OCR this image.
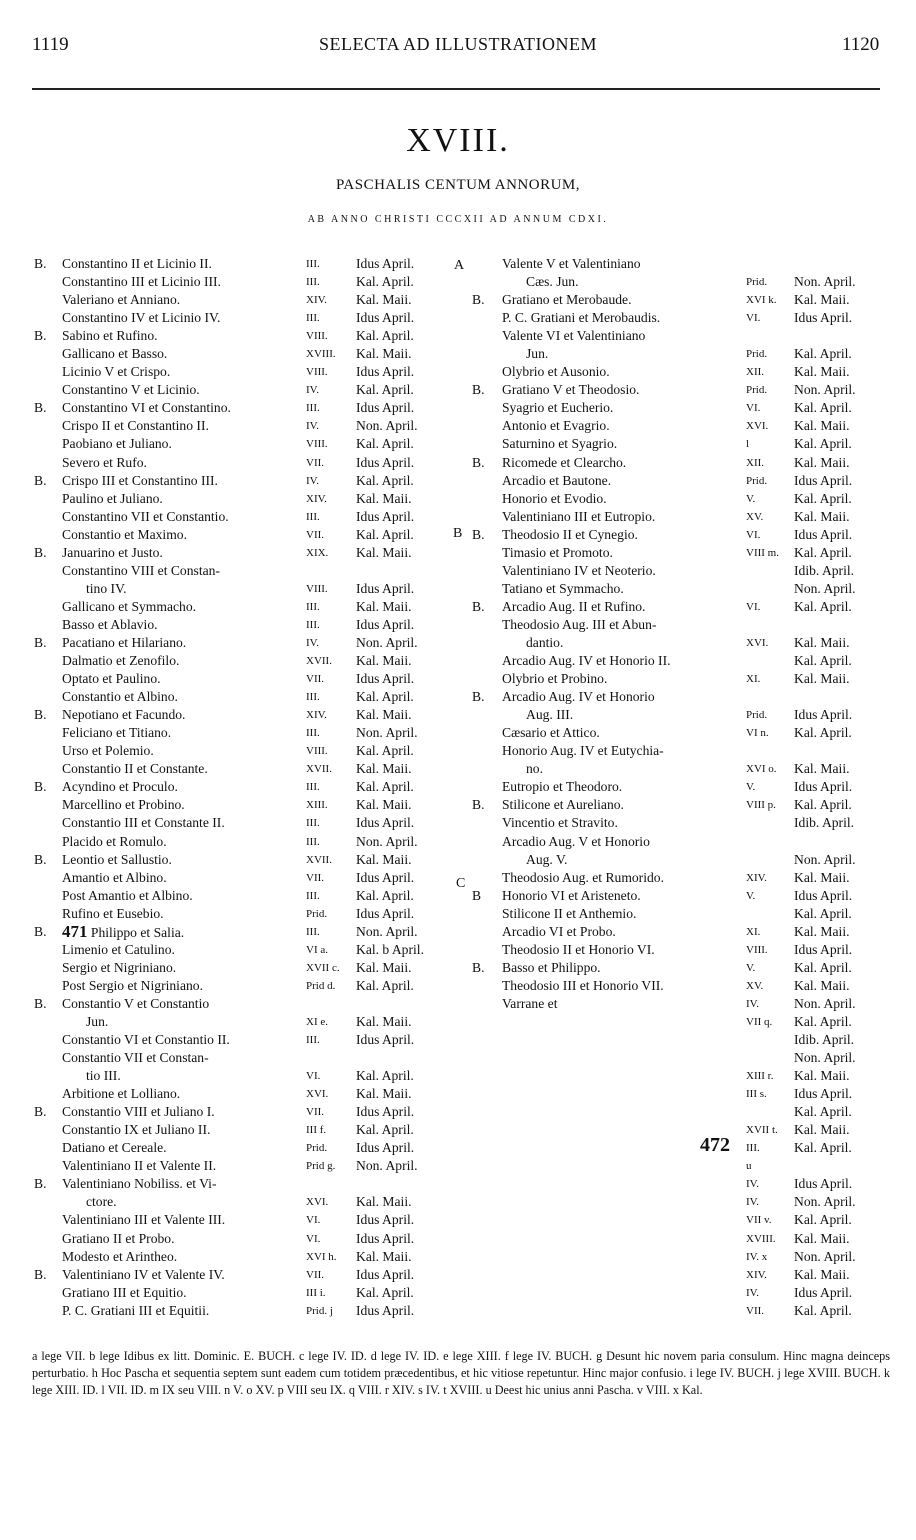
1119	SELECTA AD ILLUSTRATIONEM	1120
XVIII.
PASCHALIS CENTUM ANNORUM,
AB ANNO CHRISTI CCCXII AD ANNUM CDXI.
B. Constantino II et Licinio II.	III.	Idus April.
Constantino III et Licinio III.	III.	Kal. April.
Valeriano et Anniano.	XIV. Kal. Maii.
Constantino IV et Licinio IV.	III.	Idus April.
B. Sabino et Rufino.	VIII. Kal. April.
Gallicano et Basso.	XVIII. Kal. Maii.
Licinio V et Crispo.	VIII. Idus April.
Constantino V et Licinio.	IV.	Kal. April.
B. Constantino VI et Constantino.	III.	Idus April.
Crispo II et Constantino II.	IV.	Non. April.
Paobiano et Juliano.	VIII. Kal. April.
Severo et Rufo.	VII. Idus April.
B. Crispo III et Constantino III.	IV.	Kal. April.
Paulino et Juliano.	XIV. Kal. Maii.
Constantino VII et Constantio.	III.	Idus April.
Constantio et Maximo.	VII. Kal. April.
B. Januarino et Justo.	XIX. Kal. Maii.
Constantino VIII et Constan-
tino IV.	VIII. Idus April.
Gallicano et Symmacho.	III.	Kal. Maii.
Basso et Ablavio.	III.	Idus April.
B. Pacatiano et Hilariano.	IV.	Non. April.
Dalmatio et Zenofilo.	XVII. Kal. Maii.
Optato et Paulino.	VII. Idus April.
Constantio et Albino.	III.	Kal. April.
B. Nepotiano et Facundo.	XIV. Kal. Maii.
Feliciano et Titiano.	III.	Non. April.
Urso et Polemio.	VIII. Kal. April.
Constantio II et Constante.	XVII. Kal. Maii.
B. Acyndino et Proculo.	III.	Kal. April.
Marcellino et Probino.	XIII. Kal. Maii.
Constantio III et Constante II.	III.	Idus April.
Placido et Romulo.	III.	Non. April.
B. Leontio et Sallustio.	XVII. Kal. Maii.
Amantio et Albino.	VII. Idus April.
Post Amantio et Albino.	III.	Kal. April.
Rufino et Eusebio.	Prid. Idus April.
B. 471 Philippo et Salia.	III.	Non. April.
Limenio et Catulino.	VI a. Kal. b April.
Sergio et Nigriniano.	XVII c. Kal. Maii.
Post Sergio et Nigriniano.	Prid d. Kal. April.
B. Constantio V et Constantio
Jun.	XI e. Kal. Maii.
Constantio VI et Constantio II.	III.	Idus April.
Constantio VII et Constan-
tio III.	VI.	Kal. April.
Arbitione et Lolliano.	XVI. Kal. Maii.
B. Constantio VIII et Juliano I.	VII. Idus April.
Constantio IX et Juliano II.	III f. Kal. April.
Datiano et Cereale.	Prid. Idus April.
Valentiniano II et Valente II.	Prid g. Non. April.
B. Valentiniano Nobiliss. et Vi-
ctore.	XVI. Kal. Maii.
Valentiniano III et Valente III.	VI.	Idus April.
Gratiano II et Probo.	VI.	Idus April.
Modesto et Arintheo.	XVI h. Kal. Maii.
B. Valentiniano IV et Valente IV.	VII. Idus April.
Gratiano III et Equitio.	III i. Kal. April.
P. C. Gratiani III et Equitii.	Prid. j Idus April.
Valente V et Valentiniano
Cæs. Jun.	Prid. Non. April.
B. Gratiano et Merobaude.	XVI k. Kal. Maii.
P. C. Gratiani et Merobaudis.	VI. Idus April.
Valente VI et Valentiniano
Jun.	Prid. Kal. April.
Olybrio et Ausonio.	XII. Kal. Maii.
B. Gratiano V et Theodosio.	Prid. Non. April.
Syagrio et Eucherio.	VI. Kal. April.
Antonio et Evagrio.	XVI. Kal. Maii.
Saturnino et Syagrio.	l	Kal. April.
B. Ricomede et Clearcho.	XII. Kal. Maii.
Arcadio et Bautone.	Prid. Idus April.
Honorio et Evodio.	V.	Kal. April.
Valentiniano III et Eutropio.	XV. Kal. Maii.
B. Theodosio II et Cynegio.	VI. Idus April.
Timasio et Promoto.	VIII m. Kal. April.
Valentiniano IV et Neoterio.	Idib. April.
Tatiano et Symmacho.	Non. April.
B. Arcadio Aug. II et Rufino.	VI. Kal. April.
Theodosio Aug. III et Abun-
dantio.	XVI. Kal. Maii.
Arcadio Aug. IV et Honorio II.	Kal. April.
Olybrio et Probino.	XI. Kal. Maii.
B. Arcadio Aug. IV et Honorio
Aug. III.	Prid. Idus April.
Cæsario et Attico.	VI n. Kal. April.
Honorio Aug. IV et Eutychia-
no.	XVI o. Kal. Maii.
Eutropio et Theodoro.	V.	Idus April.
B. Stilicone et Aureliano.	VIII p. Kal. April.
Vincentio et Stravito.	Idib. April.
Arcadio Aug. V et Honorio
Aug. V.	Non. April.
Theodosio Aug. et Rumorido.	XIV. Kal. Maii.
B Honorio VI et Aristeneto.	V.	Idus April.
Stilicone II et Anthemio.	Kal. April.
Arcadio VI et Probo.	XI. Kal. Maii.
Theodosio II et Honorio VI.	VIII. Idus April.
B. Basso et Philippo.	V.	Kal. April.
Theodosio III et Honorio VII.	XV. Kal. Maii.
Varrane et	IV.	Non. April.
VII q. Kal. April.
Idib. April.
Non. April.
XIII r. Kal. Maii.
III s. Idus April.
Kal. April.
XVII t. Kal. Maii.
III.	Kal. April.
u
IV.	Idus April.
IV.	Non. April.
VII v. Kal. April.
XVIII. Kal. Maii.
IV. x Non. April.
XIV. Kal. Maii.
IV.	Idus April.
VII. Kal. April.
A
B
C
472
a lege VII. b lege Idibus ex litt. Dominic. E. BUCH. c lege IV. ID. d lege IV. ID. e lege XIII. f lege IV. BUCH. g Desunt hic novem paria consulum. Hinc magna deinceps perturbatio. h Hoc Pascha et sequentia septem sunt eadem cum totidem præcedentibus, et hic vitiose repetuntur. Hinc major confusio. i lege IV. BUCH. j lege XVIII. BUCH. k lege XIII. ID. l VII. ID. m IX seu VIII. n V. o XV. p VIII seu IX. q VIII. r XIV. s IV. t XVIII. u Deest hic unius anni Pascha. v VIII. x Kal.
